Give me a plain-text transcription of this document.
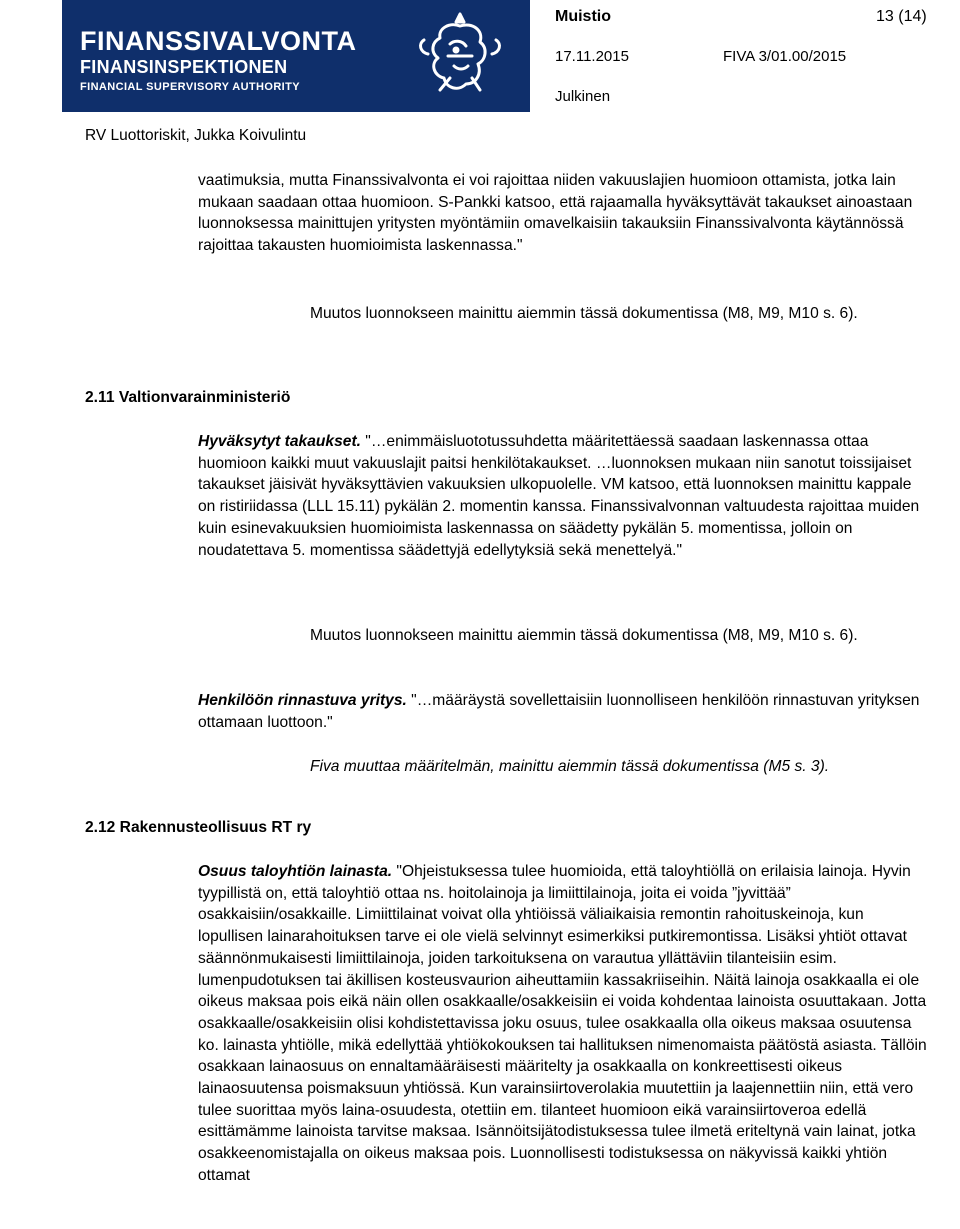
FINANSSIVALVONTA
FINANSINSPEKTIONEN
FINANCIAL SUPERVISORY AUTHORITY
Muistio	13 (14)
17.11.2015	FIVA 3/01.00/2015
Julkinen
RV Luottoriskit, Jukka Koivulintu

vaatimuksia, mutta Finanssivalvonta ei voi rajoittaa niiden vakuuslajien huomioon ottamista, jotka lain mukaan saadaan ottaa huomioon. S-Pankki katsoo, että rajaamalla hyväksyttävät takaukset ainoastaan luonnoksessa mainittujen yritysten myöntämiin omavelkaisiin takauksiin Finanssivalvonta käytännössä rajoittaa takausten huomioimista laskennassa."

Muutos luonnokseen mainittu aiemmin tässä dokumentissa (M8, M9, M10 s. 6).

2.11 Valtionvarainministeriö

Hyväksytyt takaukset. "…enimmäisluototussuhdetta määritettäessä saadaan laskennassa ottaa huomioon kaikki muut vakuuslajit paitsi henkilötakaukset. …luonnoksen mukaan niin sanotut toissijaiset takaukset jäisivät hyväksyttävien vakuuksien ulkopuolelle. VM katsoo, että luonnoksen mainittu kappale on ristiriidassa (LLL 15.11) pykälän 2. momentin kanssa. Finanssivalvonnan valtuudesta rajoittaa muiden kuin esinevakuuksien huomioimista laskennassa on säädetty pykälän 5. momentissa, jolloin on noudatettava 5. momentissa säädettyjä edellytyksiä sekä menettelyä."

Muutos luonnokseen mainittu aiemmin tässä dokumentissa (M8, M9, M10 s. 6).

Henkilöön rinnastuva yritys. "…määräystä sovellettaisiin luonnolliseen henkilöön rinnastuvan yrityksen ottamaan luottoon."

Fiva muuttaa määritelmän, mainittu aiemmin tässä dokumentissa (M5 s. 3).

2.12 Rakennusteollisuus RT ry

Osuus taloyhtiön lainasta. "Ohjeistuksessa tulee huomioida, että taloyhtiöllä on erilaisia lainoja. Hyvin tyypillistä on, että taloyhtiö ottaa ns. hoitolainoja ja limiittilainoja, joita ei voida ”jyvittää” osakkaisiin/osakkaille. Limiittilainat voivat olla yhtiöissä väliaikaisia remontin rahoituskeinoja, kun lopullisen lainarahoituksen tarve ei ole vielä selvinnyt esimerkiksi putkiremontissa. Lisäksi yhtiöt ottavat säännönmukaisesti limiittilainoja, joiden tarkoituksena on varautua yllättäviin tilanteisiin esim. lumenpudotuksen tai äkillisen kosteusvaurion aiheuttamiin kassakriiseihin. Näitä lainoja osakkaalla ei ole oikeus maksaa pois eikä näin ollen osakkaalle/osakkeisiin ei voida kohdentaa lainoista osuuttakaan. Jotta osakkaalle/osakkeisiin olisi kohdistettavissa joku osuus, tulee osakkaalla olla oikeus maksaa osuutensa ko. lainasta yhtiölle, mikä edellyttää yhtiökokouksen tai hallituksen nimenomaista päätöstä asiasta. Tällöin osakkaan lainaosuus on ennaltamääräisesti määritelty ja osakkaalla on konkreettisesti oikeus lainaosuutensa poismaksuun yhtiössä. Kun varainsiirtoverolakia muutettiin ja laajennettiin niin, että vero tulee suorittaa myös laina-osuudesta, otettiin em. tilanteet huomioon eikä varainsiirtoveroa edellä esittämämme lainoista tarvitse maksaa. Isännöitsijätodistuksessa tulee ilmetä eriteltynä vain lainat, jotka osakkeenomistajalla on oikeus maksaa pois. Luonnollisesti todistuksessa on näkyvissä kaikki yhtiön ottamat
